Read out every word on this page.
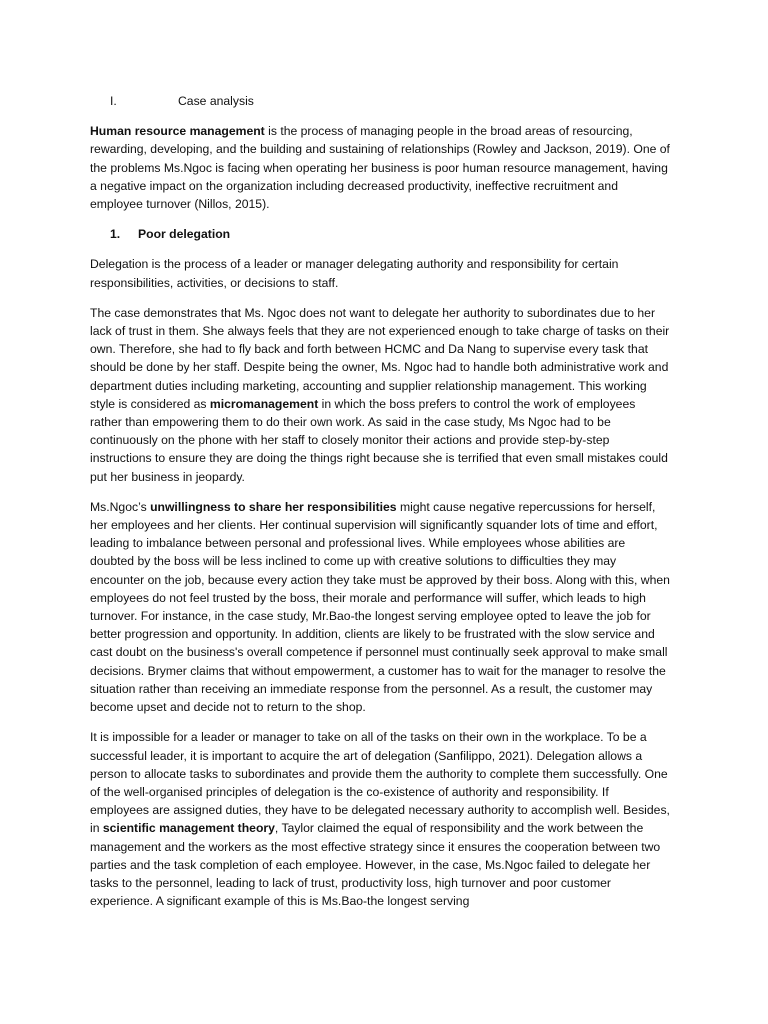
I.	Case analysis

Human resource management is the process of managing people in the broad areas of resourcing, rewarding, developing, and the building and sustaining of relationships (Rowley and Jackson, 2019). One of the problems Ms.Ngoc is facing when operating her business is poor human resource management, having a negative impact on the organization including decreased productivity, ineffective recruitment and employee turnover (Nillos, 2015).

1.	Poor delegation

Delegation is the process of a leader or manager delegating authority and responsibility for certain responsibilities, activities, or decisions to staff.

The case demonstrates that Ms. Ngoc does not want to delegate her authority to subordinates due to her lack of trust in them. She always feels that they are not experienced enough to take charge of tasks on their own. Therefore, she had to fly back and forth between HCMC and Da Nang to supervise every task that should be done by her staff. Despite being the owner, Ms. Ngoc had to handle both administrative work and department duties including marketing, accounting and supplier relationship management. This working style is considered as micromanagement in which the boss prefers to control the work of employees rather than empowering them to do their own work. As said in the case study, Ms Ngoc had to be continuously on the phone with her staff to closely monitor their actions and provide step-by-step instructions to ensure they are doing the things right because she is terrified that even small mistakes could put her business in jeopardy.

Ms.Ngoc’s unwillingness to share her responsibilities might cause negative repercussions for herself, her employees and her clients. Her continual supervision will significantly squander lots of time and effort, leading to imbalance between personal and professional lives. While employees whose abilities are doubted by the boss will be less inclined to come up with creative solutions to difficulties they may encounter on the job, because every action they take must be approved by their boss. Along with this, when employees do not feel trusted by the boss, their morale and performance will suffer, which leads to high turnover. For instance, in the case study, Mr.Bao-the longest serving employee opted to leave the job for better progression and opportunity. In addition, clients are likely to be frustrated with the slow service and cast doubt on the business's overall competence if personnel must continually seek approval to make small decisions. Brymer claims that without empowerment, a customer has to wait for the manager to resolve the situation rather than receiving an immediate response from the personnel. As a result, the customer may become upset and decide not to return to the shop.

It is impossible for a leader or manager to take on all of the tasks on their own in the workplace. To be a successful leader, it is important to acquire the art of delegation (Sanfilippo, 2021). Delegation allows a person to allocate tasks to subordinates and provide them the authority to complete them successfully. One of the well-organised principles of delegation is the co-existence of authority and responsibility. If employees are assigned duties, they have to be delegated necessary authority to accomplish well. Besides, in scientific management theory, Taylor claimed the equal of responsibility and the work between the management and the workers as the most effective strategy since it ensures the cooperation between two parties and the task completion of each employee. However, in the case, Ms.Ngoc failed to delegate her tasks to the personnel, leading to lack of trust, productivity loss, high turnover and poor customer experience. A significant example of this is Ms.Bao-the longest serving
